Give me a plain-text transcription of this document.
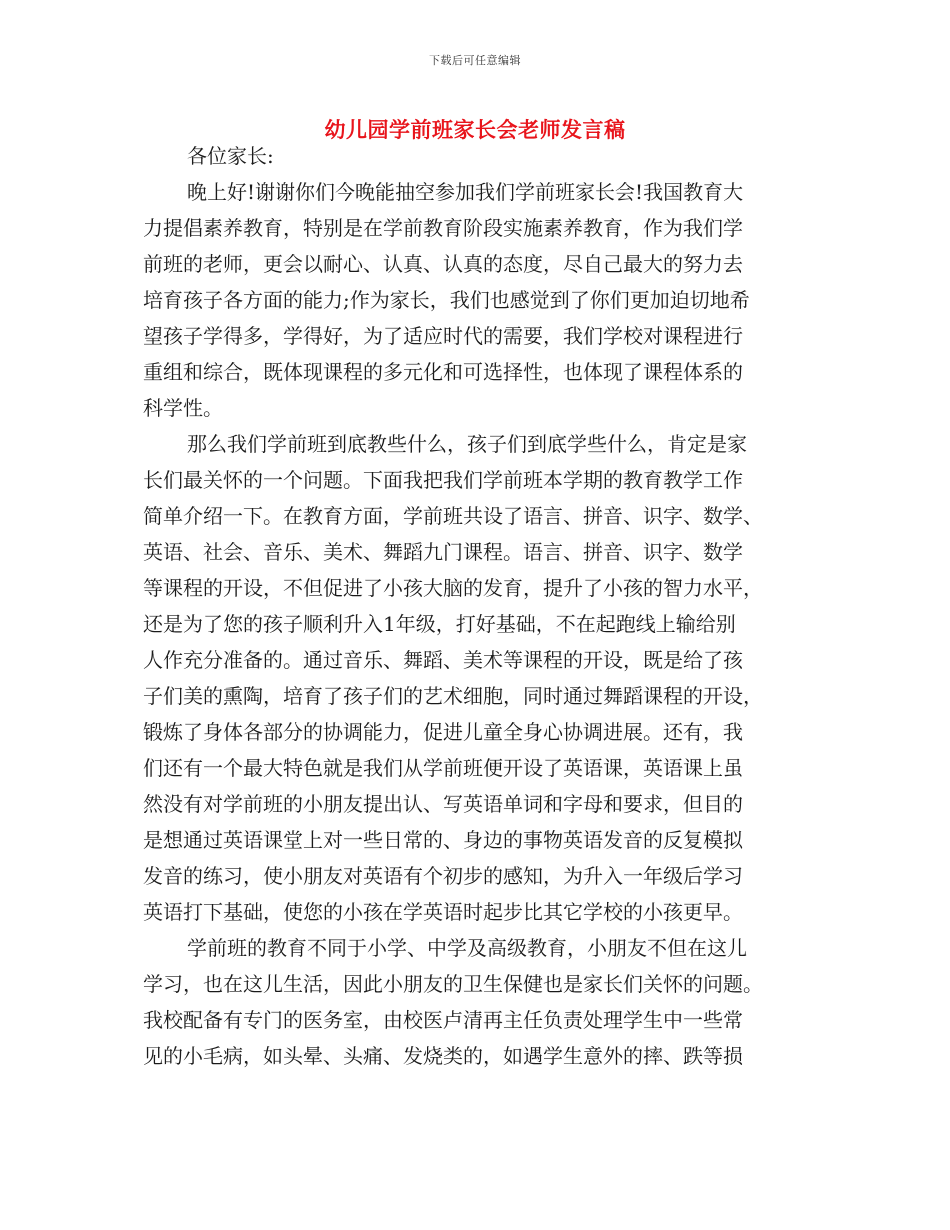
下载后可任意编辑
幼儿园学前班家长会老师发言稿
各位家长:
晚上好!谢谢你们今晚能抽空参加我们学前班家长会!我国教育大
力提倡素养教育，特别是在学前教育阶段实施素养教育，作为我们学
前班的老师，更会以耐心、认真、认真的态度，尽自己最大的努力去
培育孩子各方面的能力;作为家长，我们也感觉到了你们更加迫切地希
望孩子学得多，学得好，为了适应时代的需要，我们学校对课程进行
重组和综合，既体现课程的多元化和可选择性，也体现了课程体系的
科学性。
那么我们学前班到底教些什么，孩子们到底学些什么，肯定是家
长们最关怀的一个问题。下面我把我们学前班本学期的教育教学工作
简单介绍一下。在教育方面，学前班共设了语言、拼音、识字、数学、
英语、社会、音乐、美术、舞蹈九门课程。语言、拼音、识字、数学
等课程的开设，不但促进了小孩大脑的发育，提升了小孩的智力水平，
还是为了您的孩子顺利升入1年级，打好基础，不在起跑线上输给别
人作充分准备的。通过音乐、舞蹈、美术等课程的开设，既是给了孩
子们美的熏陶，培育了孩子们的艺术细胞，同时通过舞蹈课程的开设，
锻炼了身体各部分的协调能力，促进儿童全身心协调进展。还有，我
们还有一个最大特色就是我们从学前班便开设了英语课，英语课上虽
然没有对学前班的小朋友提出认、写英语单词和字母和要求，但目的
是想通过英语课堂上对一些日常的、身边的事物英语发音的反复模拟
发音的练习，使小朋友对英语有个初步的感知，为升入一年级后学习
英语打下基础，使您的小孩在学英语时起步比其它学校的小孩更早。
学前班的教育不同于小学、中学及高级教育，小朋友不但在这儿
学习，也在这儿生活，因此小朋友的卫生保健也是家长们关怀的问题。
我校配备有专门的医务室，由校医卢清再主任负责处理学生中一些常
见的小毛病，如头晕、头痛、发烧类的，如遇学生意外的摔、跌等损
